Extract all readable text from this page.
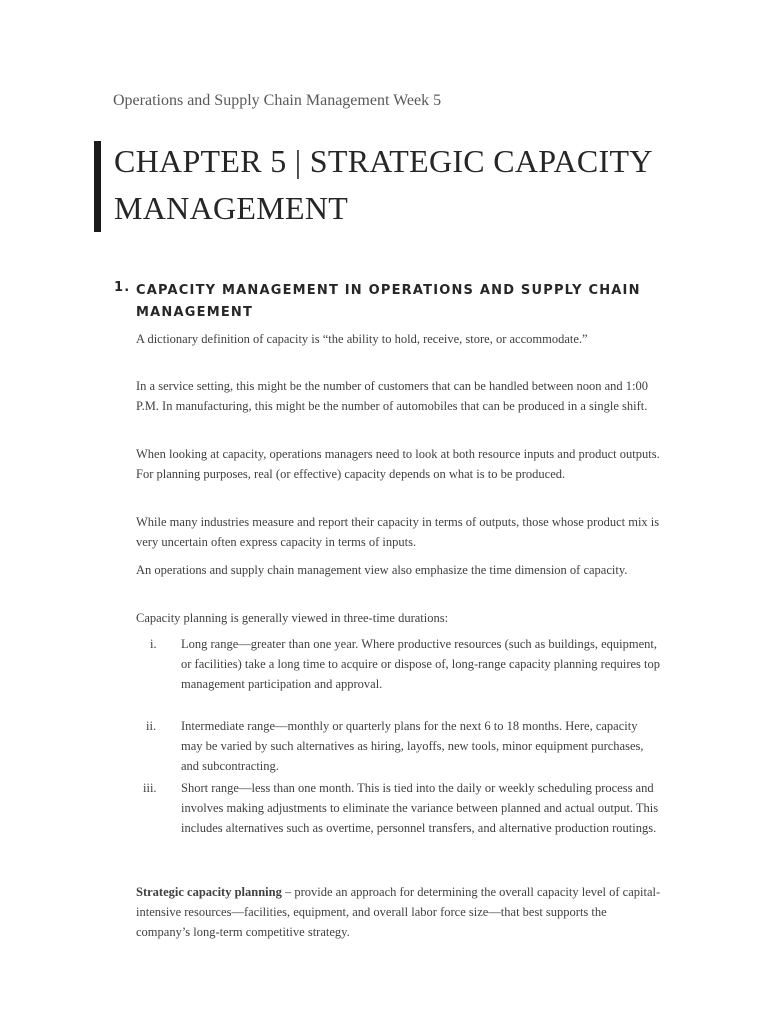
Operations and Supply Chain Management Week 5
CHAPTER 5 | STRATEGIC CAPACITY MANAGEMENT
1. CAPACITY MANAGEMENT IN OPERATIONS AND SUPPLY CHAIN MANAGEMENT

A dictionary definition of capacity is “the ability to hold, receive, store, or accommodate.”

In a service setting, this might be the number of customers that can be handled between noon and 1:00 P.M. In manufacturing, this might be the number of automobiles that can be produced in a single shift.

When looking at capacity, operations managers need to look at both resource inputs and product outputs. For planning purposes, real (or effective) capacity depends on what is to be produced.

While many industries measure and report their capacity in terms of outputs, those whose product mix is very uncertain often express capacity in terms of inputs.

An operations and supply chain management view also emphasize the time dimension of capacity.

Capacity planning is generally viewed in three-time durations:

i. Long range—greater than one year. Where productive resources (such as buildings, equipment, or facilities) take a long time to acquire or dispose of, long-range capacity planning requires top management participation and approval.
ii. Intermediate range—monthly or quarterly plans for the next 6 to 18 months. Here, capacity may be varied by such alternatives as hiring, layoffs, new tools, minor equipment purchases, and subcontracting.
iii. Short range—less than one month. This is tied into the daily or weekly scheduling process and involves making adjustments to eliminate the variance between planned and actual output. This includes alternatives such as overtime, personnel transfers, and alternative production routings.
Strategic capacity planning – provide an approach for determining the overall capacity level of capital-intensive resources—facilities, equipment, and overall labor force size—that best supports the company’s long-term competitive strategy.
